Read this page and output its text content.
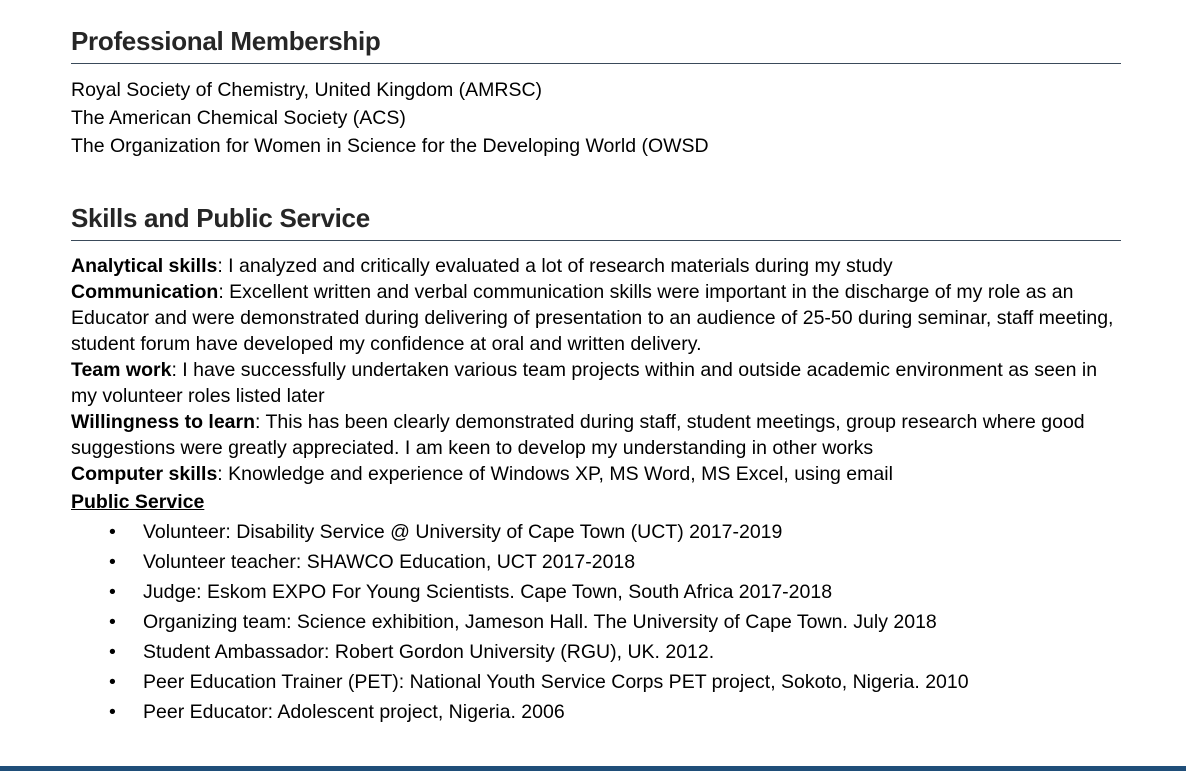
Professional Membership
Royal Society of Chemistry, United Kingdom (AMRSC)
The American Chemical Society (ACS)
The Organization for Women in Science for the Developing World (OWSD
Skills and Public Service
Analytical skills: I analyzed and critically evaluated a lot of research materials during my study
Communication: Excellent written and verbal communication skills were important in the discharge of my role as an Educator and were demonstrated during delivering of presentation to an audience of 25-50 during seminar, staff meeting, student forum have developed my confidence at oral and written delivery.
Team work: I have successfully undertaken various team projects within and outside academic environment as seen in my volunteer roles listed later
Willingness to learn: This has been clearly demonstrated during staff, student meetings, group research where good suggestions were greatly appreciated. I am keen to develop my understanding in other works
Computer skills: Knowledge and experience of Windows XP, MS Word, MS Excel, using email
Public Service
• Volunteer: Disability Service @ University of Cape Town (UCT) 2017-2019
• Volunteer teacher: SHAWCO Education, UCT 2017-2018
• Judge: Eskom EXPO For Young Scientists. Cape Town, South Africa 2017-2018
• Organizing team: Science exhibition, Jameson Hall. The University of Cape Town. July 2018
• Student Ambassador: Robert Gordon University (RGU), UK. 2012.
• Peer Education Trainer (PET): National Youth Service Corps PET project, Sokoto, Nigeria. 2010
• Peer Educator: Adolescent project, Nigeria. 2006
